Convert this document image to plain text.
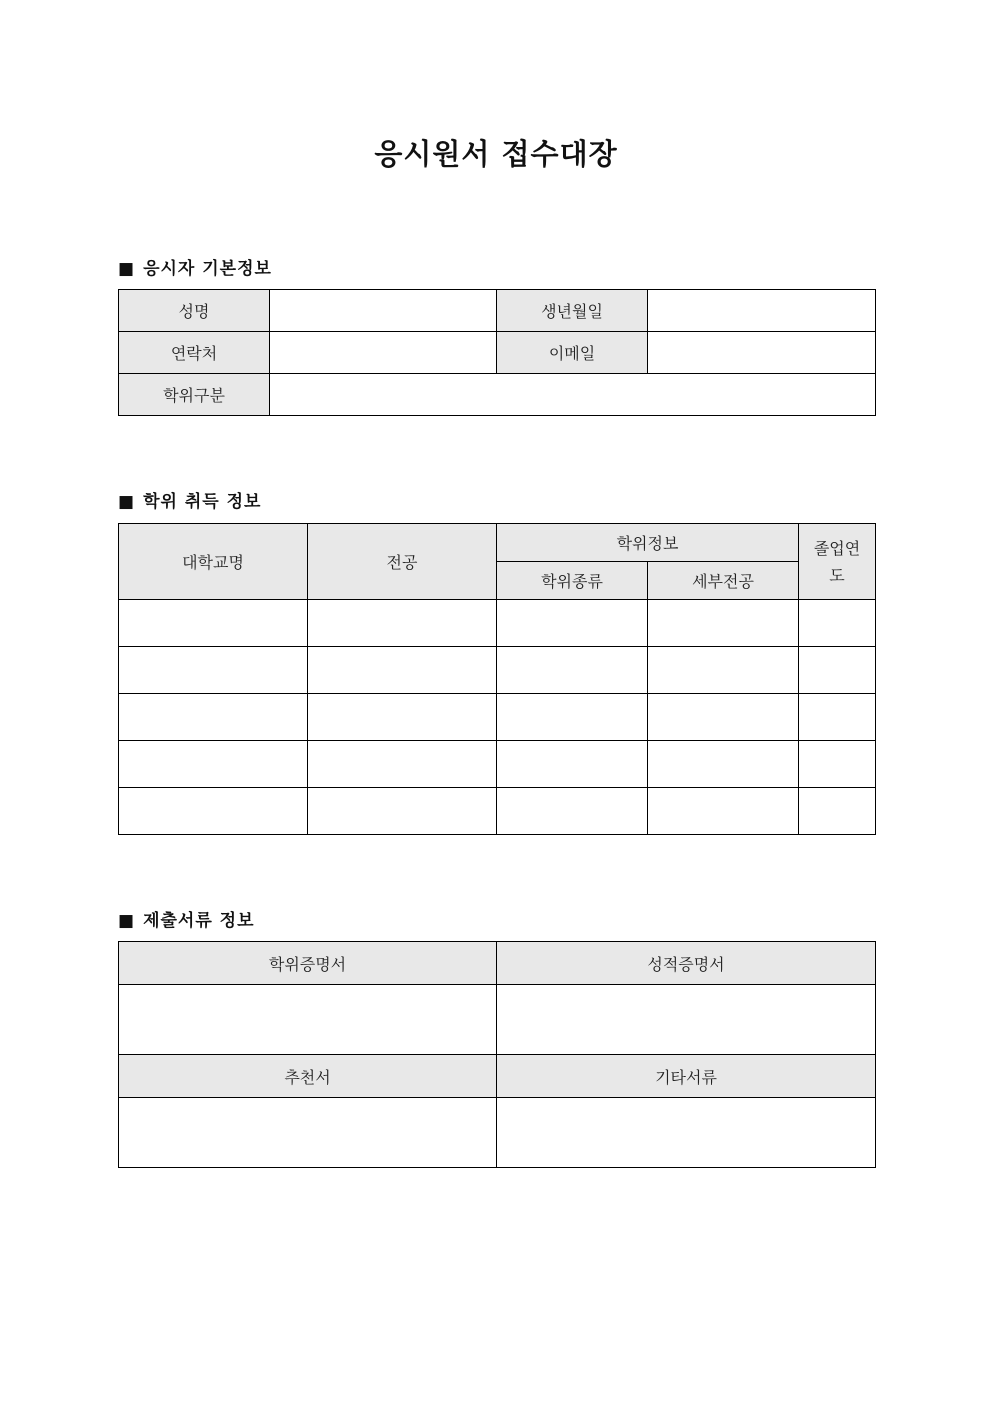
응시원서 접수대장
■ 응시자 기본정보
성명		생년월일	
연락처		이메일	
학위구분			
■ 학위 취득 정보
대학교명	전공	학위정보		졸업연
도
		학위종류	세부전공	

■ 제출서류 정보
학위증명서	성적증명서

추천서	기타서류
